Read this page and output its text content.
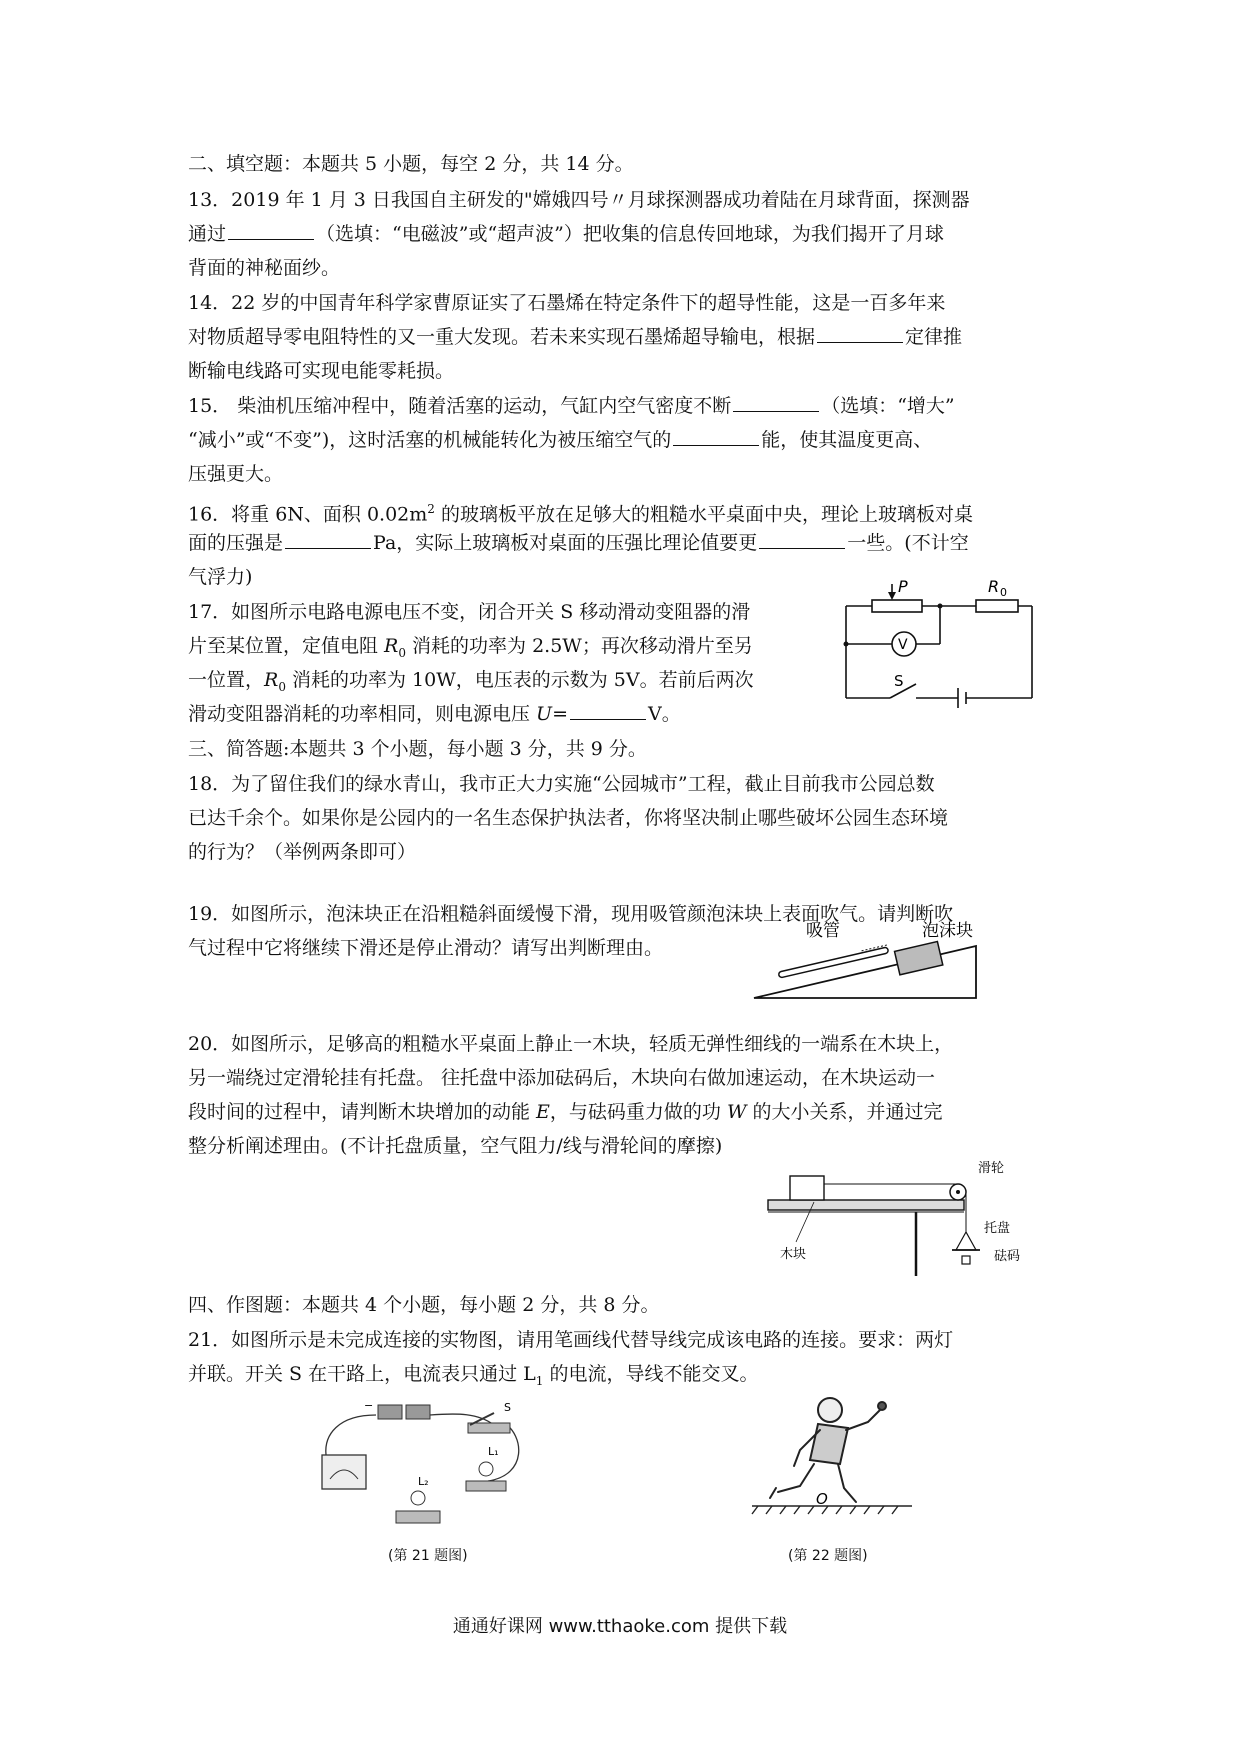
二、填空题：本题共 5 小题，每空 2 分，共 14 分。
13．2019 年 1 月 3 日我国自主研发的"嫦娥四号〃月球探测器成功着陆在月球背面，探测器
通过	（选填：“电磁波”或“超声波”）把收集的信息传回地球，为我们揭开了月球
背面的神秘面纱。
14．22 岁的中国青年科学家曹原证实了石墨烯在特定条件下的超导性能，这是一百多年来
对物质超导零电阻特性的又一重大发现。若未来实现石墨烯超导输电，根据	定律推
断输电线路可实现电能零耗损。
15． 柴油机压缩冲程中，随着活塞的运动，气缸内空气密度不断	（选填：“增大”
“减小”或“不变”)，这时活塞的机械能转化为被压缩空气的	能，使其温度更高、
压强更大。
16．将重 6N、面积 $0.02m^2$ 的玻璃板平放在足够大的粗糙水平桌面中央，理论上玻璃板对桌
面的压强是	Pa，实际上玻璃板对桌面的压强比理论值要更	一些。(不计空
气浮力)
17．如图所示电路电源电压不变，闭合开关 S 移动滑动变阻器的滑
片至某位置，定值电阻 $R_0$ 消耗的功率为 2.5W；再次移动滑片至另
一位置，$R_0$ 消耗的功率为 10W，电压表的示数为 5V。若前后两次
滑动变阻器消耗的功率相同，则电源电压 U=	V。
P	R 0
V
S
三、简答题:本题共 3 个小题，每小题 3 分，共 9 分。
18．为了留住我们的绿水青山，我市正大力实施“公园城市”工程，截止目前我市公园总数
已达千余个。如果你是公园内的一名生态保护执法者，你将坚决制止哪些破坏公园生态环境
的行为？（举例两条即可）
19．如图所示，泡沫块正在沿粗糙斜面缓慢下滑，现用吸管颜泡沫块上表面吹气。请判断吹
气过程中它将继续下滑还是停止滑动？请写出判断理由。
吸管	泡沫块
20．如图所示，足够高的粗糙水平桌面上静止一木块，轻质无弹性细线的一端系在木块上，
另一端绕过定滑轮挂有托盘。 往托盘中添加砝码后，木块向右做加速运动，在木块运动一
段时间的过程中，请判断木块增加的动能 E，与砝码重力做的功 W 的大小关系，并通过完
整分析阐述理由。(不计托盘质量，空气阻力/线与滑轮间的摩擦)
滑轮
托盘
木块	砝码
四、作图题：本题共 4 个小题，每小题 2 分，共 8 分。
21．如图所示是未完成连接的实物图，请用笔画线代替导线完成该电路的连接。要求：两灯
并联。开关 S 在干路上，电流表只通过 $L_1$ 的电流，导线不能交叉。
−	S
L₁
L₂
O
(第 21 题图)	(第 22 题图)
通通好课网 www.tthaoke.com 提供下载
